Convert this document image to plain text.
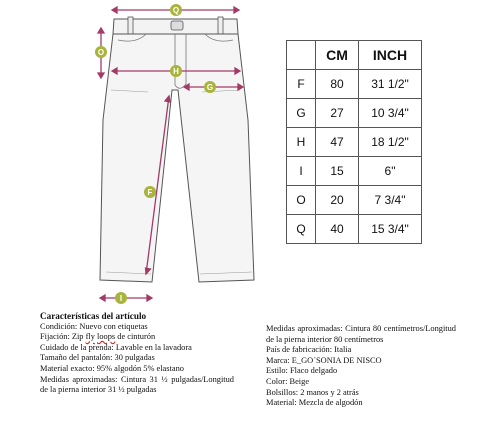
Q
O
H
G
F
I
	CM	INCH
F	80	31 1/2"
G	27	10 3/4"
H	47	18 1/2"
I	15	6"
O	20	7 3/4"
Q	40	15 3/4"
Características del artículo
Condición: Nuevo con etiquetas
Fijación: Zip fly loops de cinturón
Cuidado de la prenda: Lavable en la lavadora
Tamaño del pantalón: 30 pulgadas
Material exacto: 95% algodón 5% elastano
Medidas aproximadas: Cintura 31 ½ pulgadas/Longitud de la pierna interior 31 ½ pulgadas
Medidas aproximadas: Cintura 80 centímetros/Longitud de la pierna interior 80 centímetros
País de fabricación: Italia
Marca: E_GO´SONIA DE NISCO
Estilo: Flaco delgado
Color: Beige
Bolsillos: 2 manos y 2 atrás
Material: Mezcla de algodón
